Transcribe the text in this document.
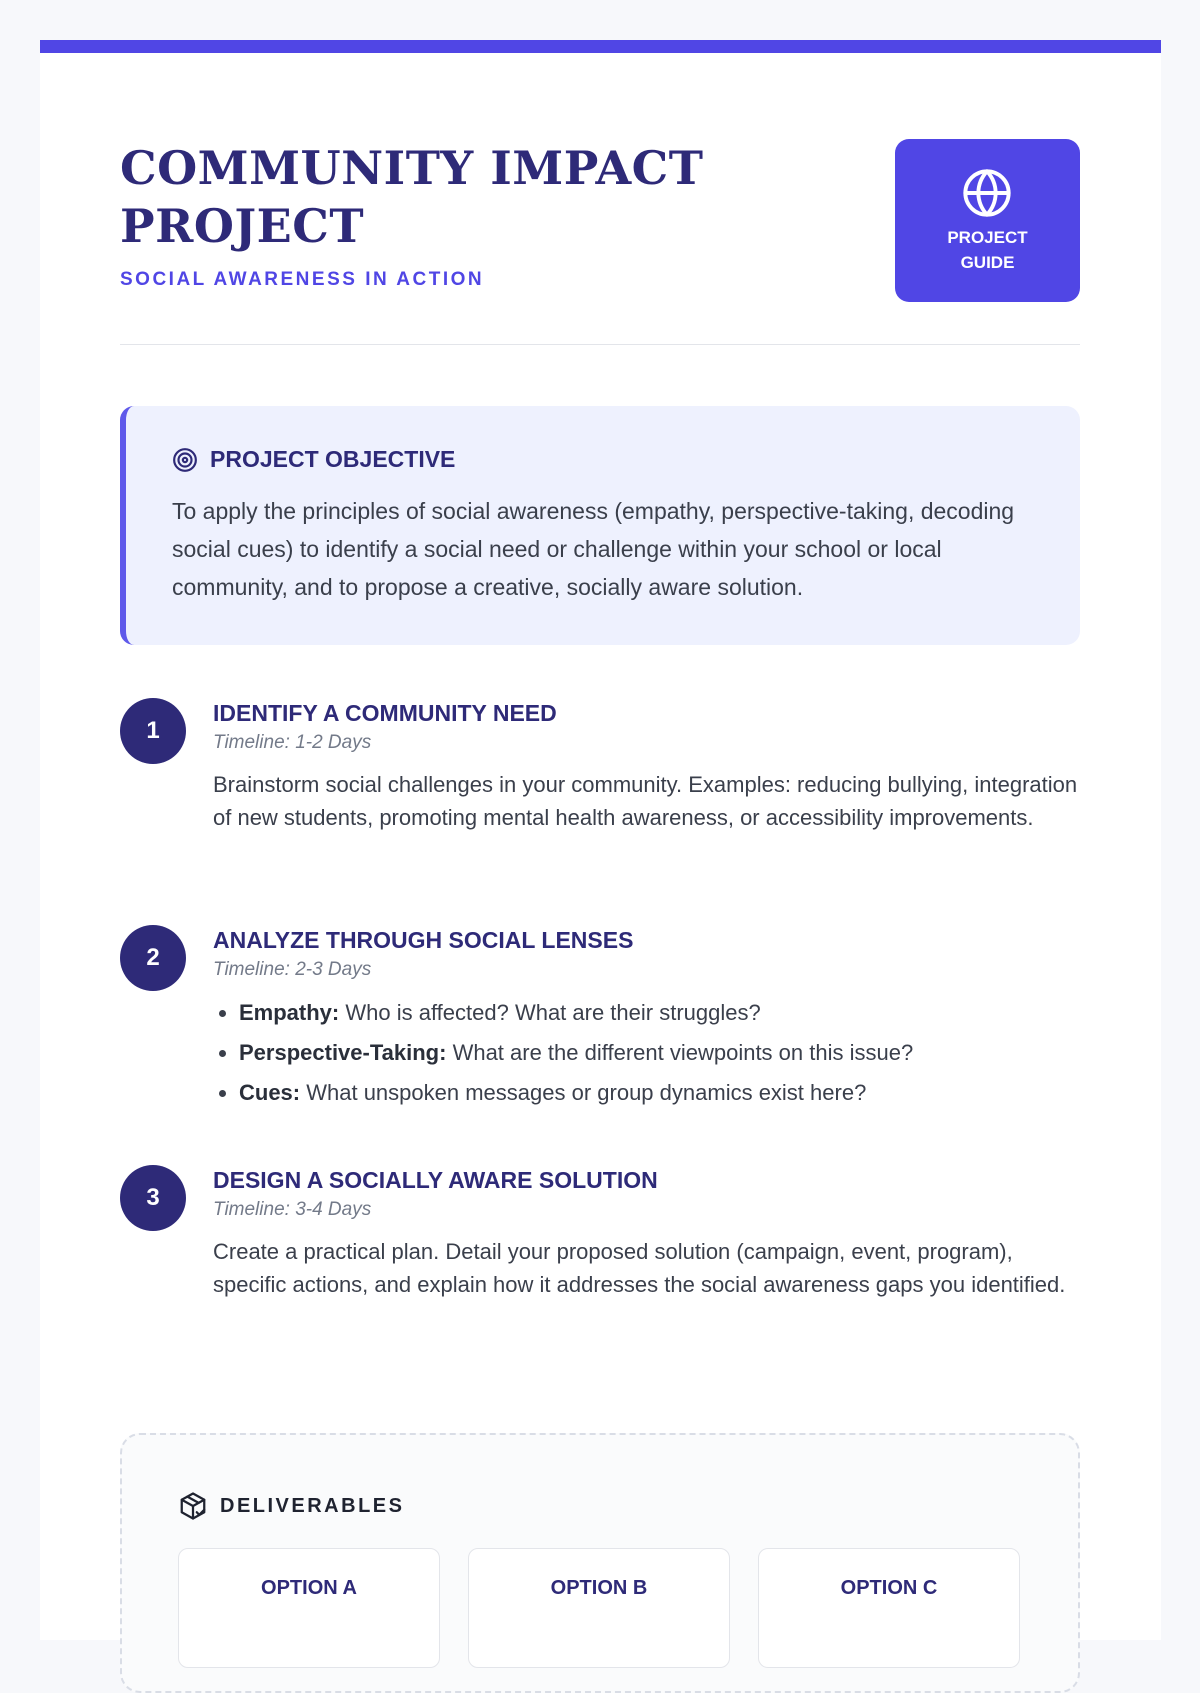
COMMUNITY IMPACT PROJECT
SOCIAL AWARENESS IN ACTION
PROJECT
GUIDE
PROJECT OBJECTIVE

To apply the principles of social awareness (empathy, perspective-taking, decoding social cues) to identify a social need or challenge within your school or local community, and to propose a creative, socially aware solution.

1
IDENTIFY A COMMUNITY NEED
Timeline: 1-2 Days

Brainstorm social challenges in your community. Examples: reducing bullying, integration of new students, promoting mental health awareness, or accessibility improvements.

2
ANALYZE THROUGH SOCIAL LENSES
Timeline: 2-3 Days
• Empathy: Who is affected? What are their struggles?
• Perspective-Taking: What are the different viewpoints on this issue?
• Cues: What unspoken messages or group dynamics exist here?
3
DESIGN A SOCIALLY AWARE SOLUTION
Timeline: 3-4 Days

Create a practical plan. Detail your proposed solution (campaign, event, program), specific actions, and explain how it addresses the social awareness gaps you identified.

DELIVERABLES
OPTION A	OPTION B	OPTION C
